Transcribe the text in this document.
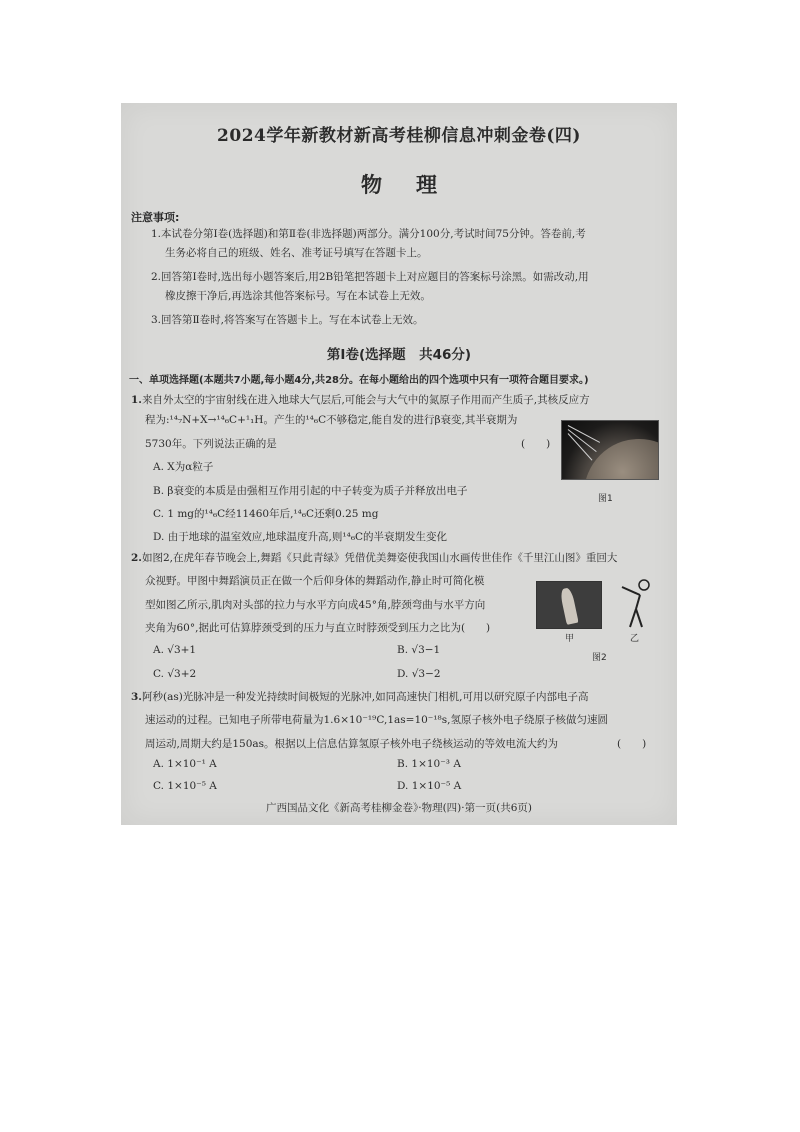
2024学年新教材新高考桂柳信息冲刺金卷(四)
物理
注意事项:
1.本试卷分第Ⅰ卷(选择题)和第Ⅱ卷(非选择题)两部分。满分100分,考试时间75分钟。答卷前,考
生务必将自己的班级、姓名、准考证号填写在答题卡上。
2.回答第Ⅰ卷时,选出每小题答案后,用2B铅笔把答题卡上对应题目的答案标号涂黑。如需改动,用
橡皮擦干净后,再选涂其他答案标号。写在本试卷上无效。
3.回答第Ⅱ卷时,将答案写在答题卡上。写在本试卷上无效。
第Ⅰ卷(选择题　共46分)
一、单项选择题(本题共7小题,每小题4分,共28分。在每小题给出的四个选项中只有一项符合题目要求。)
1.来自外太空的宇宙射线在进入地球大气层后,可能会与大气中的氮原子作用而产生质子,其核反应方
程为:¹⁴₇N+X→¹⁴₆C+¹₁H。产生的¹⁴₆C不够稳定,能自发的进行β衰变,其半衰期为
5730年。下列说法正确的是	(　　)
A. X为α粒子
B. β衰变的本质是由强相互作用引起的中子转变为质子并释放出电子
C. 1 mg的¹⁴₆C经11460年后,¹⁴₆C还剩0.25 mg
D. 由于地球的温室效应,地球温度升高,则¹⁴₆C的半衰期发生变化
图1
2.如图2,在虎年春节晚会上,舞蹈《只此青绿》凭借优美舞姿使我国山水画传世佳作《千里江山图》重回大
众视野。甲图中舞蹈演员正在做一个后仰身体的舞蹈动作,静止时可简化模
型如图乙所示,肌肉对头部的拉力与水平方向成45°角,脖颈弯曲与水平方向
夹角为60°,据此可估算脖颈受到的压力与直立时脖颈受到压力之比为(　　)
甲	乙
图2
A. √3+1	B. √3−1
C. √3+2	D. √3−2
3.阿秒(as)光脉冲是一种发光持续时间极短的光脉冲,如同高速快门相机,可用以研究原子内部电子高
速运动的过程。已知电子所带电荷量为1.6×10⁻¹⁹C,1as=10⁻¹⁸s,氢原子核外电子绕原子核做匀速圆
周运动,周期大约是150as。根据以上信息估算氢原子核外电子绕核运动的等效电流大约为	(　　)
A. 1×10⁻¹ A	B. 1×10⁻³ A
C. 1×10⁻⁵ A	D. 1×10⁻⁵ A
广西国品文化《新高考桂柳金卷》·物理(四)·第一页(共6页)
